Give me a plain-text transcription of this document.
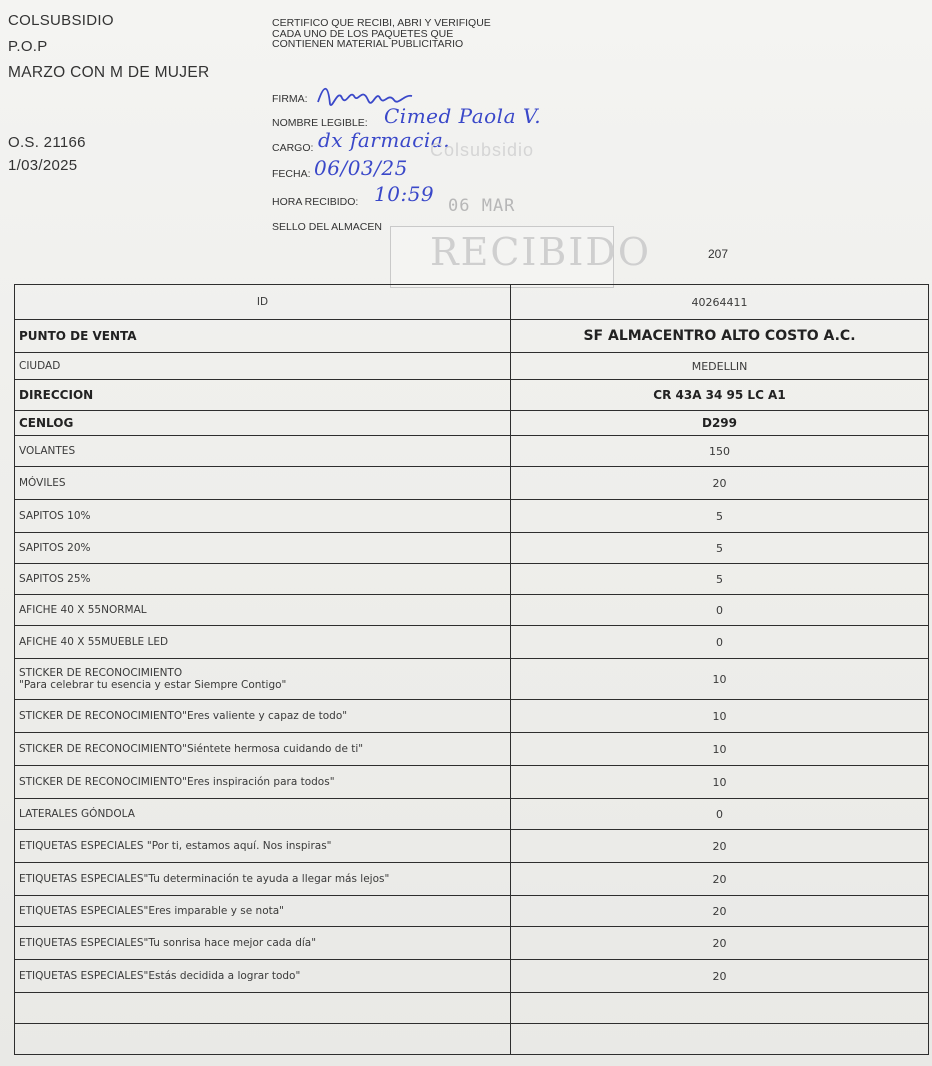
COLSUBSIDIO
P.O.P
MARZO CON M DE MUJER
O.S. 21166
1/03/2025
CERTIFICO QUE RECIBI, ABRI Y VERIFIQUE CADA UNO DE LOS PAQUETES QUE CONTIENEN MATERIAL PUBLICITARIO
FIRMA:
NOMBRE LEGIBLE: Cimed Paola V.
CARGO: dx farmacia.
Colsubsidio
FECHA: 06/03/25
HORA RECIBIDO: 10:59 06 MAR
SELLO DEL ALMACEN
RECIBIDO	207
ID	40264411
PUNTO DE VENTA	SF ALMACENTRO ALTO COSTO A.C.
CIUDAD	MEDELLIN
DIRECCION	CR 43A 34 95 LC A1
CENLOG	D299
VOLANTES	150
MÓVILES	20
SAPITOS 10%	5
SAPITOS 20%	5
SAPITOS 25%	5
AFICHE 40 X 55NORMAL	0
AFICHE 40 X 55MUEBLE LED	0
STICKER DE RECONOCIMIENTO
"Para celebrar tu esencia y estar Siempre Contigo"	10
STICKER DE RECONOCIMIENTO"Eres valiente y capaz de todo"	10
STICKER DE RECONOCIMIENTO"Siéntete hermosa cuidando de ti"	10
STICKER DE RECONOCIMIENTO"Eres inspiración para todos"	10
LATERALES GÓNDOLA	0
ETIQUETAS ESPECIALES "Por ti, estamos aquí. Nos inspiras"	20
ETIQUETAS ESPECIALES"Tu determinación te ayuda a llegar más lejos"	20
ETIQUETAS ESPECIALES"Eres imparable y se nota"	20
ETIQUETAS ESPECIALES"Tu sonrisa hace mejor cada día"	20
ETIQUETAS ESPECIALES"Estás decidida a lograr todo"	20
